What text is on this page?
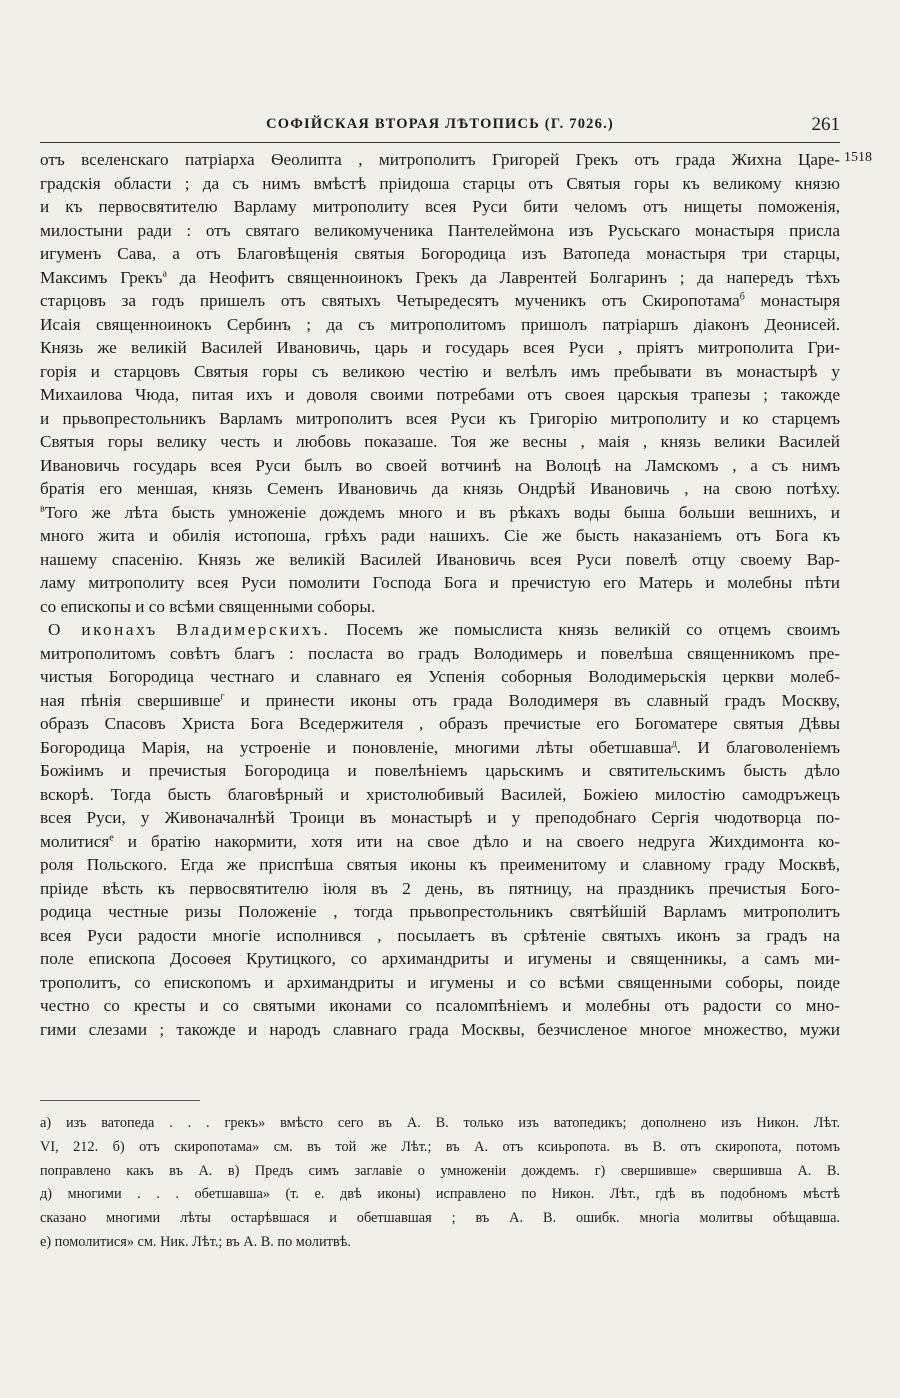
СОФІЙСКАЯ ВТОРАЯ ЛѢТОПИСЬ (Г. 7026.)	261
1518
отъ вселенскаго патріарха Ѳеолипта , митрополитъ Григорей Грекъ отъ града Жихна Царе-
градскія области ; да съ нимъ вмѣстѣ пріидоша старцы отъ Святыя горы къ великому князю
и къ первосвятителю Варламу митрополиту всея Руси бити челомъ отъ нищеты поможенія,
милостыни ради : отъ святаго великомученика Пантелеймона изъ Русьскаго монастыря присла
игуменъ Сава, а отъ Благовѣщенія святыя Богородица изъ Ватопеда монастыря три старцы,
Максимъ Грекъ$^а$ да Неофитъ священноинокъ Грекъ да Лаврентей Болгаринъ ; да напередъ тѣхъ
старцовъ за годъ пришелъ отъ святыхъ Четыредесятъ мученикъ отъ Скиропотама$^б$ монастыря
Исаія священноинокъ Сербинъ ; да съ митрополитомъ пришолъ патріаршъ діаконъ Деонисей.
Князь же великій Василей Ивановичь, царь и государь всея Руси , пріятъ митрополита Гри-
горія и старцовъ Святыя горы съ великою честію и велѣлъ имъ пребывати въ монастырѣ у
Михаилова Чюда, питая ихъ и доволя своими потребами отъ своея царскыя трапезы ; такожде
и прьвопрестольникъ Варламъ митрополитъ всея Руси къ Григорію митрополиту и ко старцемъ
Святыя горы велику честь и любовь показаше. Тоя же весны , маія , князь велики Василей
Ивановичь государь всея Руси былъ во своей вотчинѣ на Волоцѣ на Ламскомъ , а съ нимъ
братія его меншая, князь Семенъ Ивановичь да князь Ондрѣй Ивановичь , на свою потѣху.
$^в$Того же лѣта бысть умноженіе дождемъ много и въ рѣкахъ воды быша больши вешнихъ, и
много жита и обилія истопоша, грѣхъ ради нашихъ. Сіе же бысть наказаніемъ отъ Бога къ
нашему спасенію. Князь же великій Василей Ивановичь всея Руси повелѣ отцу своему Вар-
ламу митрополиту всея Руси помолити Господа Бога и пречистую его Матерь и молебны пѣти
со епископы и со всѣми священными соборы.
О иконахъ Владимерскихъ. Посемъ же помыслиста князь великій со отцемъ своимъ
митрополитомъ совѣтъ благъ : посласта во градъ Володимерь и повелѣша священникомъ пре-
чистыя Богородица честнаго и славнаго ея Успенія соборныя Володимерьскія церкви молеб-
ная пѣнія свершивше$^г$ и принести иконы отъ града Володимеря въ славный градъ Москву,
образъ Спасовъ Христа Бога Вседержителя , образъ пречистые его Богоматере святыя Дѣвы
Богородица Марія, на устроеніе и поновленіе, многими лѣты обетшавша$^д$. И благоволеніемъ
Божіимъ и пречистыя Богородица и повелѣніемъ царьскимъ и святительскимъ бысть дѣло
вскорѣ. Тогда бысть благовѣрный и христолюбивый Василей, Божіею милостію самодръжецъ
всея Руси, у Живоначалнѣй Троици въ монастырѣ и у преподобнаго Сергія чюдотворца по-
молитися$^е$ и братію накормити, хотя ити на свое дѣло и на своего недруга Жихдимонта ко-
роля Польского. Егда же приспѣша святыя иконы къ преименитому и славному граду Москвѣ,
пріиде вѣсть къ первосвятителю іюля въ 2 день, въ пятницу, на праздникъ пречистыя Бого-
родица честные ризы Положеніе , тогда прьвопрестольникъ святѣйшій Варламъ митрополитъ
всея Руси радости многіе исполнився , посылаетъ въ срѣтеніе святыхъ иконъ за градъ на
поле епископа Досоѳея Крутицкого, со архимандриты и игумены и священникы, а самъ ми-
трополитъ, со епископомъ и архимандриты и игумены и со всѣми священными соборы, поиде
честно со кресты и со святыми иконами со псаломпѣніемъ и молебны отъ радости со мно-
гими слезами ; такожде и народъ славнаго града Москвы, безчисленое многое множество, мужи
а) изъ ватопеда . . . грекъ» вмѣсто сего въ А. В. только изъ ватопедикъ; дополнено изъ Никон. Лѣт.
VI, 212. б) отъ скиропотама» см. въ той же Лѣт.; въ А. отъ ксиьропота. въ В. отъ скиропота, потомъ
поправлено какъ въ А. в) Предъ симъ заглавіе о умноженіи дождемъ. г) свершивше» свершивша А. В.
д) многими . . . обетшавша» (т. е. двѣ иконы) исправлено по Никон. Лѣт., гдѣ въ подобномъ мѣстѣ
сказано многими лѣты остарѣвшася и обетшавшая ; въ А. В. ошибк. многіа молитвы обѣщавша.
е) помолитися» см. Ник. Лѣт.; въ А. В. по молитвѣ.
